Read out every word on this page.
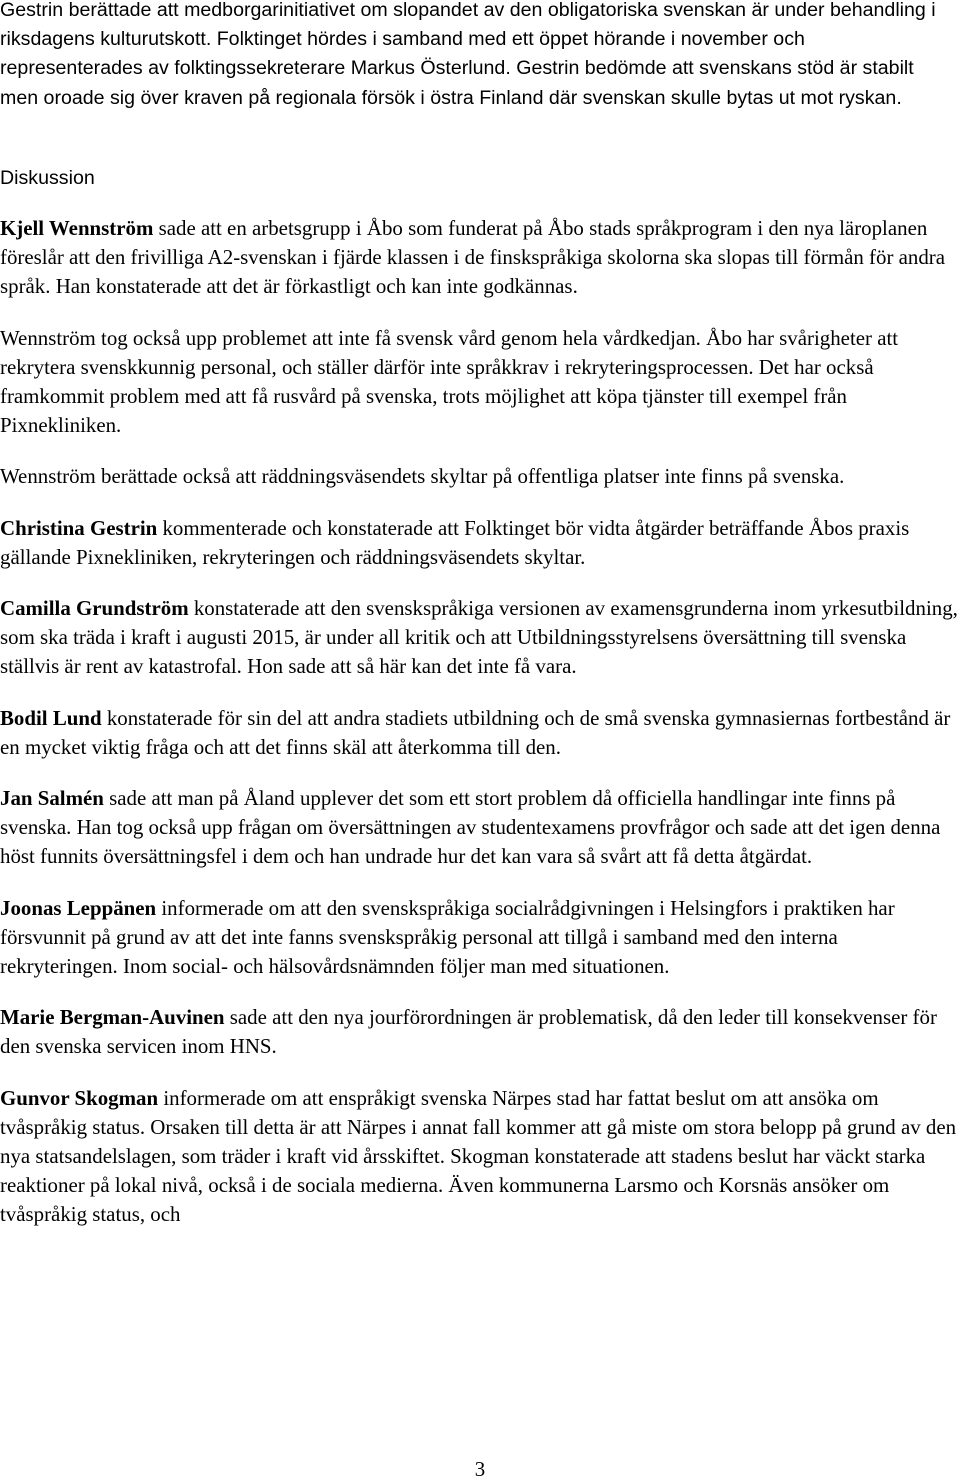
Gestrin berättade att medborgarinitiativet om slopandet av den obligatoriska svenskan är under behandling i riksdagens kulturutskott. Folktinget hördes i samband med ett öppet hörande i november och representerades av folktingssekreterare Markus Österlund. Gestrin bedömde att svenskans stöd är stabilt men oroade sig över kraven på regionala försök i östra Finland där svenskan skulle bytas ut mot ryskan.

Diskussion

Kjell Wennström sade att en arbetsgrupp i Åbo som funderat på Åbo stads språkprogram i den nya läroplanen föreslår att den frivilliga A2-svenskan i fjärde klassen i de finskspråkiga skolorna ska slopas till förmån för andra språk. Han konstaterade att det är förkastligt och kan inte godkännas.

Wennström tog också upp problemet att inte få svensk vård genom hela vårdkedjan. Åbo har svårigheter att rekrytera svenskkunnig personal, och ställer därför inte språkkrav i rekryteringsprocessen. Det har också framkommit problem med att få rusvård på svenska, trots möjlighet att köpa tjänster till exempel från Pixnekliniken.

Wennström berättade också att räddningsväsendets skyltar på offentliga platser inte finns på svenska.

Christina Gestrin kommenterade och konstaterade att Folktinget bör vidta åtgärder beträffande Åbos praxis gällande Pixnekliniken, rekryteringen och räddningsväsendets skyltar.

Camilla Grundström konstaterade att den svenskspråkiga versionen av examensgrunderna inom yrkesutbildning, som ska träda i kraft i augusti 2015, är under all kritik och att Utbildningsstyrelsens översättning till svenska ställvis är rent av katastrofal. Hon sade att så här kan det inte få vara.

Bodil Lund konstaterade för sin del att andra stadiets utbildning och de små svenska gymnasiernas fortbestånd är en mycket viktig fråga och att det finns skäl att återkomma till den.

Jan Salmén sade att man på Åland upplever det som ett stort problem då officiella handlingar inte finns på svenska. Han tog också upp frågan om översättningen av studentexamens provfrågor och sade att det igen denna höst funnits översättningsfel i dem och han undrade hur det kan vara så svårt att få detta åtgärdat.

Joonas Leppänen informerade om att den svenskspråkiga socialrådgivningen i Helsingfors i praktiken har försvunnit på grund av att det inte fanns svenskspråkig personal att tillgå i samband med den interna rekryteringen. Inom social- och hälsovårdsnämnden följer man med situationen.

Marie Bergman-Auvinen sade att den nya jourförordningen är problematisk, då den leder till konsekvenser för den svenska servicen inom HNS.

Gunvor Skogman informerade om att enspråkigt svenska Närpes stad har fattat beslut om att ansöka om tvåspråkig status. Orsaken till detta är att Närpes i annat fall kommer att gå miste om stora belopp på grund av den nya statsandelslagen, som träder i kraft vid årsskiftet. Skogman konstaterade att stadens beslut har väckt starka reaktioner på lokal nivå, också i de sociala medierna. Även kommunerna Larsmo och Korsnäs ansöker om tvåspråkig status, och

3
